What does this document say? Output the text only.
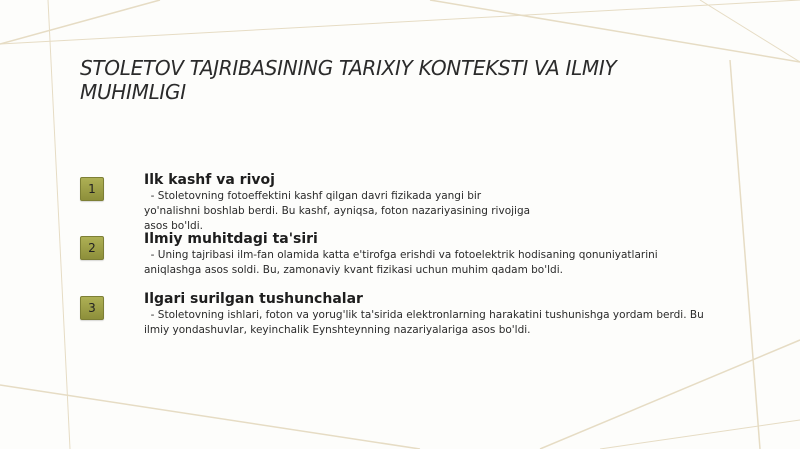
STOLETOV TAJRIBASINING TARIXIY KONTEKSTI VA ILMIY MUHIMLIGI
1
Ilk kashf va rivoj
- Stoletovning fotoeffektini kashf qilgan davri fizikada yangi bir
yo'nalishni boshlab berdi. Bu kashf, ayniqsa, foton nazariyasining rivojiga
asos bo'ldi.
2
Ilmiy muhitdagi ta'siri
- Uning tajribasi ilm-fan olamida katta e'tirofga erishdi va fotoelektrik hodisaning qonuniyatlarini
aniqlashga asos soldi. Bu, zamonaviy kvant fizikasi uchun muhim qadam bo'ldi.
3
Ilgari surilgan tushunchalar
- Stoletovning ishlari, foton va yorug'lik ta'sirida elektronlarning harakatini tushunishga yordam berdi. Bu
ilmiy yondashuvlar, keyinchalik Eynshteynning nazariyalariga asos bo'ldi.
